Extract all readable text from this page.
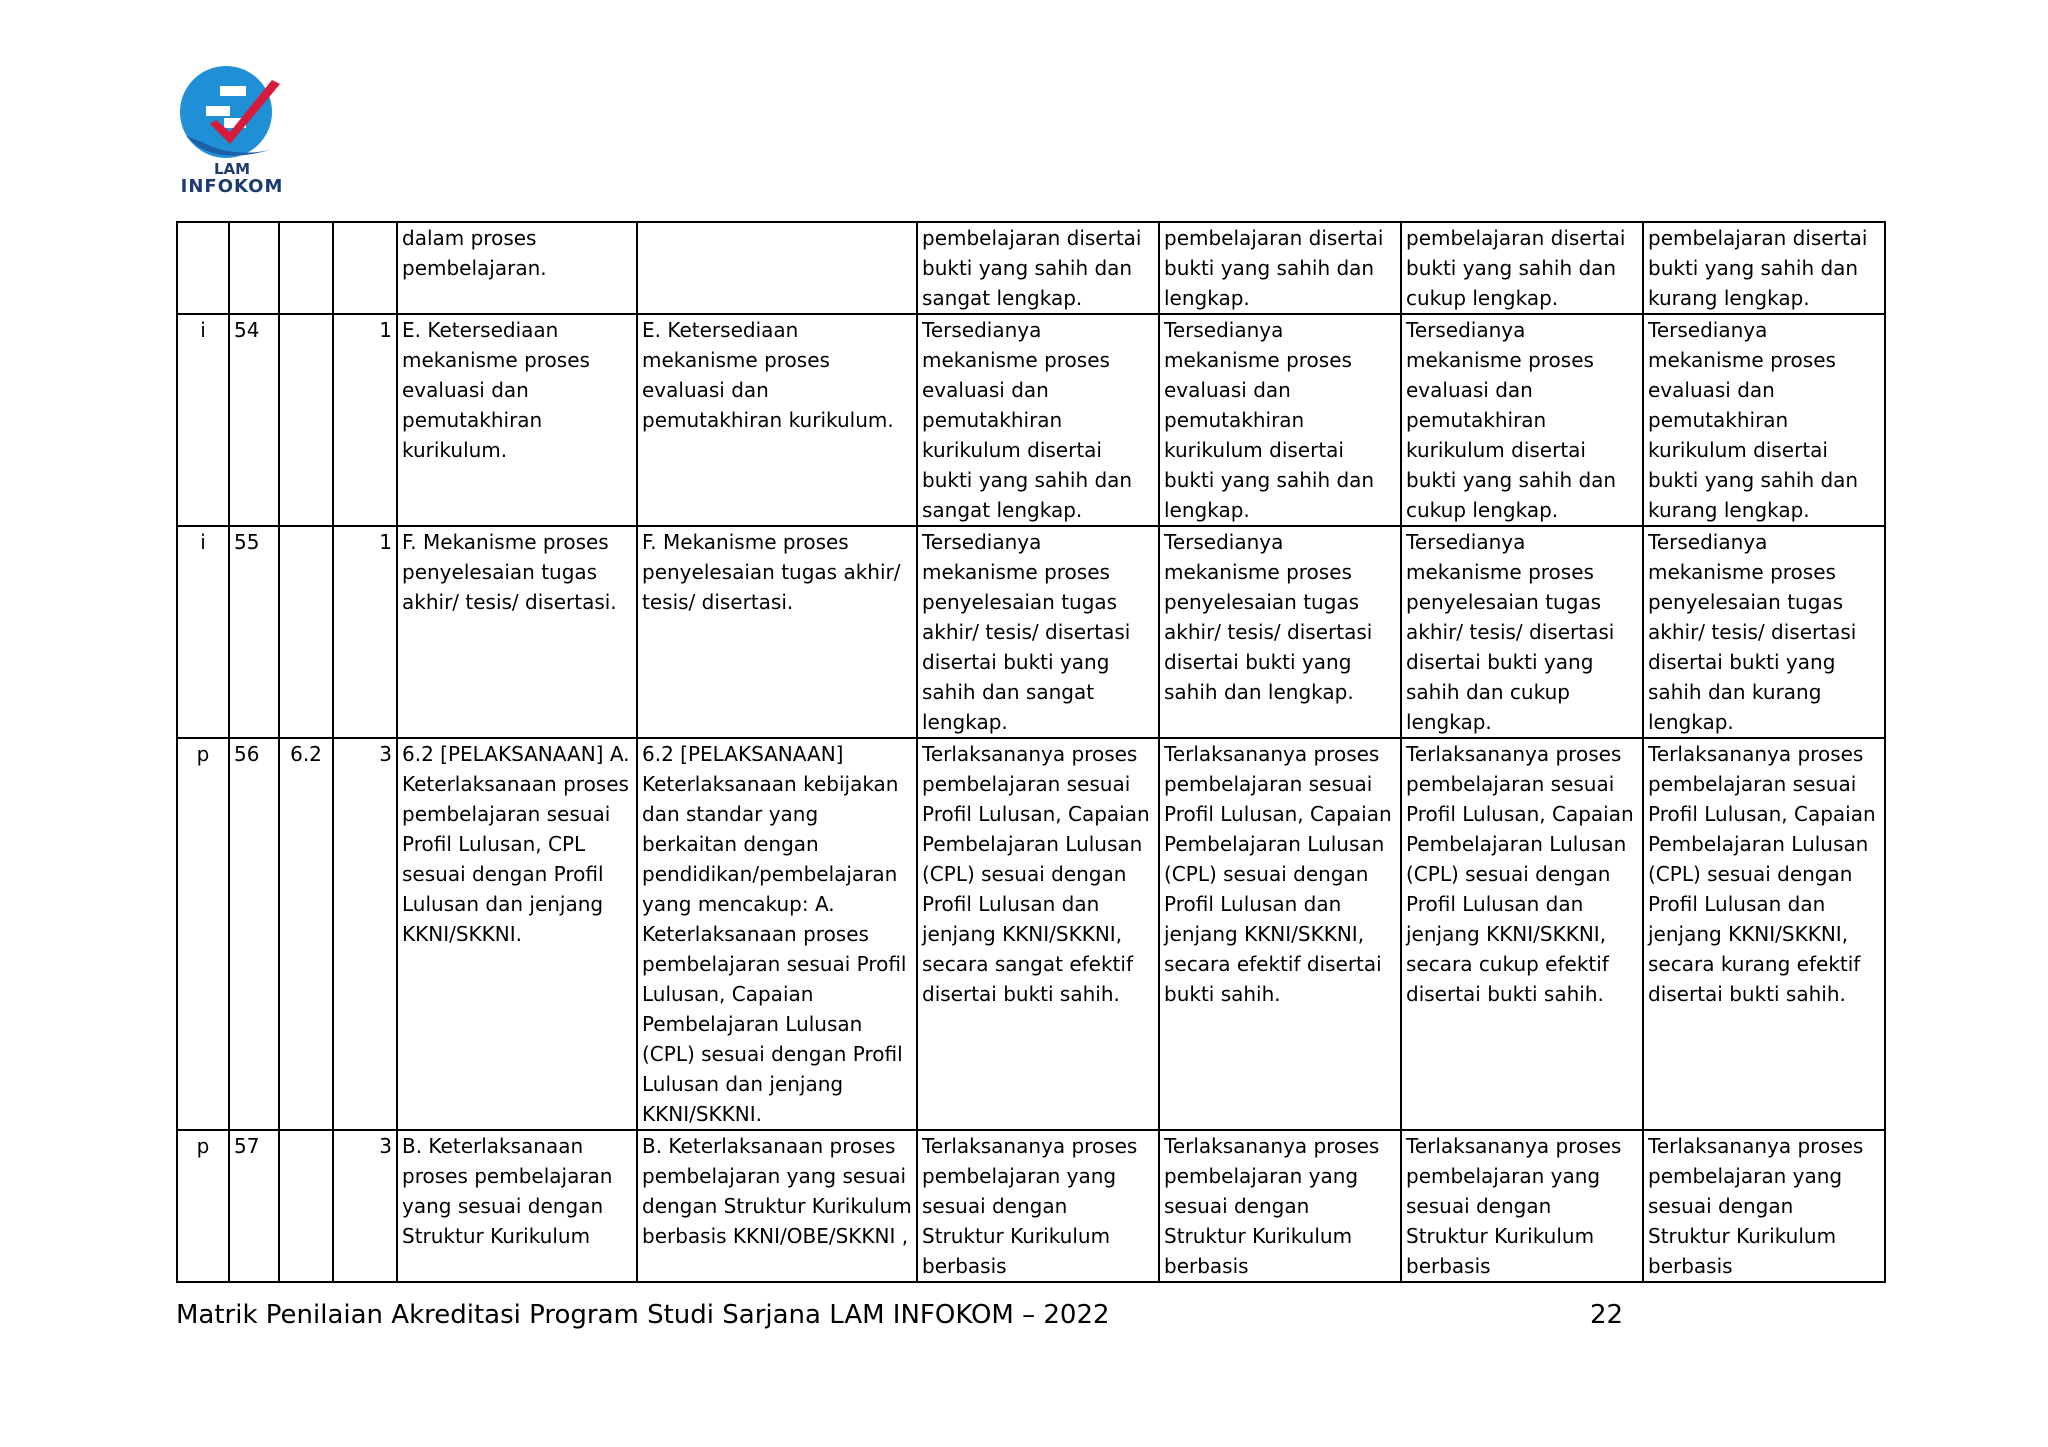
LAM
INFOKOM
				dalam proses pembelajaran.		pembelajaran disertai bukti yang sahih dan sangat lengkap.	pembelajaran disertai bukti yang sahih dan lengkap.	pembelajaran disertai bukti yang sahih dan cukup lengkap.	pembelajaran disertai bukti yang sahih dan kurang lengkap.
i	54		1	E. Ketersediaan mekanisme proses evaluasi dan pemutakhiran kurikulum.	E. Ketersediaan mekanisme proses evaluasi dan pemutakhiran kurikulum.	Tersedianya mekanisme proses evaluasi dan pemutakhiran kurikulum disertai bukti yang sahih dan sangat lengkap.	Tersedianya mekanisme proses evaluasi dan pemutakhiran kurikulum disertai bukti yang sahih dan lengkap.	Tersedianya mekanisme proses evaluasi dan pemutakhiran kurikulum disertai bukti yang sahih dan cukup lengkap.	Tersedianya mekanisme proses evaluasi dan pemutakhiran kurikulum disertai bukti yang sahih dan kurang lengkap.
i	55		1	F. Mekanisme proses penyelesaian tugas akhir/ tesis/ disertasi.	F. Mekanisme proses penyelesaian tugas akhir/ tesis/ disertasi.	Tersedianya mekanisme proses penyelesaian tugas akhir/ tesis/ disertasi disertai bukti yang sahih dan sangat lengkap.	Tersedianya mekanisme proses penyelesaian tugas akhir/ tesis/ disertasi disertai bukti yang sahih dan lengkap.	Tersedianya mekanisme proses penyelesaian tugas akhir/ tesis/ disertasi disertai bukti yang sahih dan cukup lengkap.	Tersedianya mekanisme proses penyelesaian tugas akhir/ tesis/ disertasi disertai bukti yang sahih dan kurang lengkap.
p	56	6.2	3	6.2 [PELAKSANAAN] A. Keterlaksanaan proses pembelajaran sesuai Profil Lulusan, CPL sesuai dengan Profil Lulusan dan jenjang KKNI/SKKNI.	6.2 [PELAKSANAAN] Keterlaksanaan kebijakan dan standar yang berkaitan dengan pendidikan/pembelajaran yang mencakup: A. Keterlaksanaan proses pembelajaran sesuai Profil Lulusan, Capaian Pembelajaran Lulusan (CPL) sesuai dengan Profil Lulusan dan jenjang KKNI/SKKNI.	Terlaksananya proses pembelajaran sesuai Profil Lulusan, Capaian Pembelajaran Lulusan (CPL) sesuai dengan Profil Lulusan dan jenjang KKNI/SKKNI, secara sangat efektif disertai bukti sahih.	Terlaksananya proses pembelajaran sesuai Profil Lulusan, Capaian Pembelajaran Lulusan (CPL) sesuai dengan Profil Lulusan dan jenjang KKNI/SKKNI, secara efektif disertai bukti sahih.	Terlaksananya proses pembelajaran sesuai Profil Lulusan, Capaian Pembelajaran Lulusan (CPL) sesuai dengan Profil Lulusan dan jenjang KKNI/SKKNI, secara cukup efektif disertai bukti sahih.	Terlaksananya proses pembelajaran sesuai Profil Lulusan, Capaian Pembelajaran Lulusan (CPL) sesuai dengan Profil Lulusan dan jenjang KKNI/SKKNI, secara kurang efektif disertai bukti sahih.
p	57		3	B. Keterlaksanaan proses pembelajaran yang sesuai dengan Struktur Kurikulum	B. Keterlaksanaan proses pembelajaran yang sesuai dengan Struktur Kurikulum berbasis KKNI/OBE/SKKNI ,	Terlaksananya proses pembelajaran yang sesuai dengan Struktur Kurikulum berbasis	Terlaksananya proses pembelajaran yang sesuai dengan Struktur Kurikulum berbasis	Terlaksananya proses pembelajaran yang sesuai dengan Struktur Kurikulum berbasis	Terlaksananya proses pembelajaran yang sesuai dengan Struktur Kurikulum berbasis
Matrik Penilaian Akreditasi Program Studi Sarjana LAM INFOKOM – 2022	22
